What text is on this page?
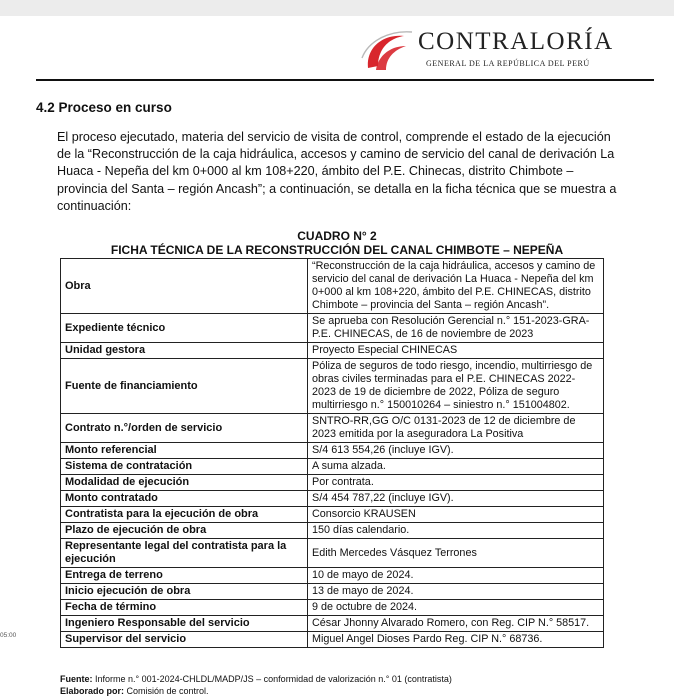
CONTRALORÍA
GENERAL DE LA REPÚBLICA DEL PERÚ
4.2 Proceso en curso

El proceso ejecutado, materia del servicio de visita de control, comprende el estado de la ejecución de la “Reconstrucción de la caja hidráulica, accesos y camino de servicio del canal de derivación La Huaca - Nepeña del km 0+000 al km 108+220, ámbito del P.E. Chinecas, distrito Chimbote – provincia del Santa – región Ancash”; a continuación, se detalla en la ficha técnica que se muestra a continuación:

CUADRO N° 2
FICHA TÉCNICA DE LA RECONSTRUCCIÓN DEL CANAL CHIMBOTE – NEPEÑA
Obra	“Reconstrucción de la caja hidráulica, accesos y camino de servicio del canal de derivación La Huaca - Nepeña del km 0+000 al km 108+220, ámbito del P.E. CHINECAS, distrito Chimbote – provincia del Santa – región Ancash”.
Expediente técnico	Se aprueba con Resolución Gerencial n.° 151-2023-GRA-P.E. CHINECAS, de 16 de noviembre de 2023
Unidad gestora	Proyecto Especial CHINECAS
Fuente de financiamiento	Póliza de seguros de todo riesgo, incendio, multirriesgo de obras civiles terminadas para el P.E. CHINECAS 2022-2023 de 19 de diciembre de 2022, Póliza de seguro multirriesgo n.° 150010264 – siniestro n.° 151004802.
Contrato n.°/orden de servicio	SNTRO-RR,GG O/C 0131-2023 de 12 de diciembre de 2023 emitida por la aseguradora La Positiva
Monto referencial	S/4 613 554,26 (incluye IGV).
Sistema de contratación	A suma alzada.
Modalidad de ejecución	Por contrata.
Monto contratado	S/4 454 787,22 (incluye IGV).
Contratista para la ejecución de obra	Consorcio KRAUSEN
Plazo de ejecución de obra	150 días calendario.
Representante legal del contratista para la ejecución	Edith Mercedes Vásquez Terrones
Entrega de terreno	10 de mayo de 2024.
Inicio ejecución de obra	13 de mayo de 2024.
Fecha de término	9 de octubre de 2024.
Ingeniero Responsable del servicio	César Jhonny Alvarado Romero, con Reg. CIP N.° 58517.
Supervisor del servicio	Miguel Angel Dioses Pardo Reg. CIP N.° 68736.
Fuente: Informe n.° 001-2024-CHLDL/MADP/JS – conformidad de valorización n.° 01 (contratista)
Elaborado por: Comisión de control.
05:00
